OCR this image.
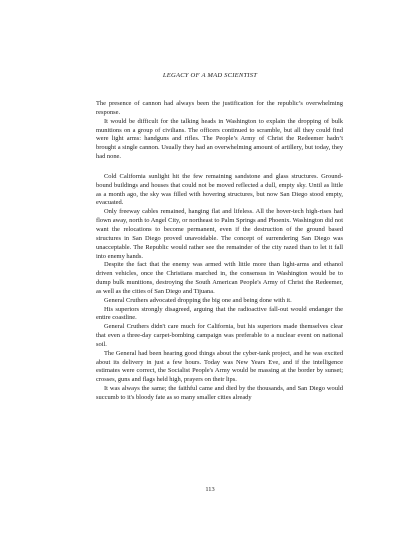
LEGACY OF A MAD SCIENTIST

The presence of cannon had always been the justification for the republic’s overwhelming response.

It would be difficult for the talking heads in Washington to explain the dropping of bulk munitions on a group of civilians. The officers continued to scramble, but all they could find were light arms: handguns and rifles. The People’s Army of Christ the Redeemer hadn’t brought a single cannon. Usually they had an overwhelming amount of artillery, but today, they had none.

Cold California sunlight hit the few remaining sandstone and glass structures. Ground-bound buildings and houses that could not be moved reflected a dull, empty sky. Until as little as a month ago, the sky was filled with hovering structures, but now San Diego stood empty, evacuated.

Only freeway cables remained, hanging flat and lifeless. All the hover-tech high-rises had flown away, north to Angel City, or northeast to Palm Springs and Phoenix. Washington did not want the relocations to become permanent, even if the destruction of the ground based structures in San Diego proved unavoidable. The concept of surrendering San Diego was unacceptable. The Republic would rather see the remainder of the city razed than to let it fall into enemy hands.

Despite the fact that the enemy was armed with little more than light-arms and ethanol driven vehicles, once the Christians marched in, the consensus in Washington would be to dump bulk munitions, destroying the South American People's Army of Christ the Redeemer, as well as the cities of San Diego and Tijuana.

General Cruthers advocated dropping the big one and being done with it.

His superiors strongly disagreed, arguing that the radioactive fall-out would endanger the entire coastline.

General Cruthers didn't care much for California, but his superiors made themselves clear that even a three-day carpet-bombing campaign was preferable to a nuclear event on national soil.

The General had been hearing good things about the cyber-tank project, and he was excited about its delivery in just a few hours. Today was New Years Eve, and if the intelligence estimates were correct, the Socialist People's Army would be massing at the border by sunset; crosses, guns and flags held high, prayers on their lips.

It was always the same; the faithful came and died by the thousands, and San Diego would succumb to it's bloody fate as so many smaller cities already

113
